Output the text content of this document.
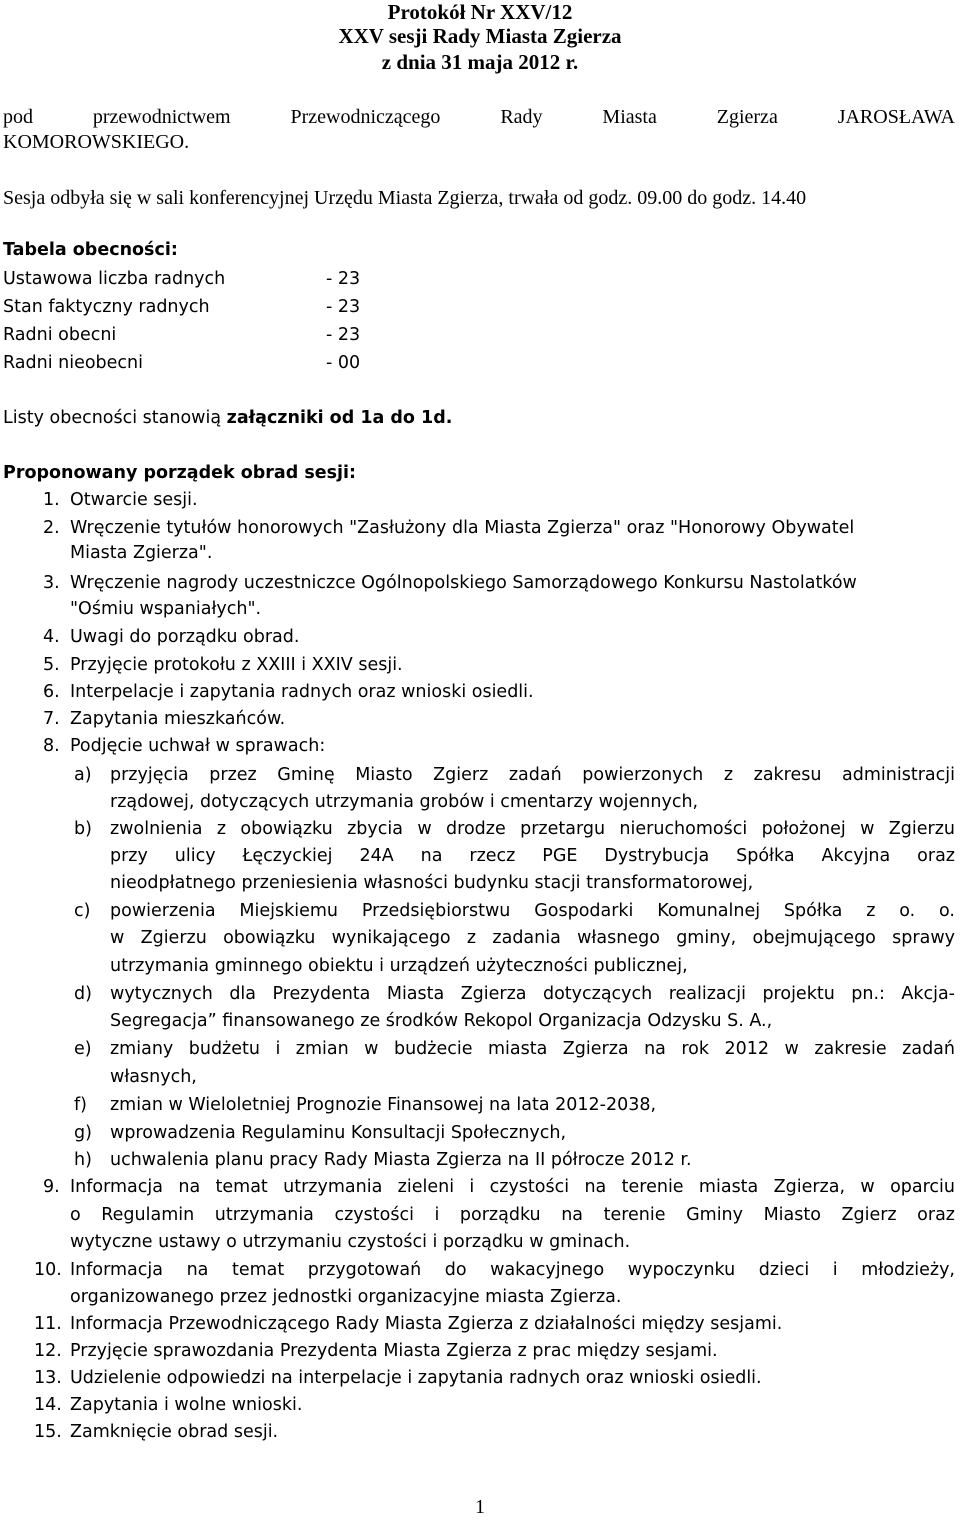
Protokół Nr XXV/12
XXV sesji Rady Miasta Zgierza
z dnia 31 maja 2012 r.
pod przewodnictwem Przewodniczącego Rady Miasta Zgierza JAROSŁAWA
KOMOROWSKIEGO.
Sesja odbyła się w sali konferencyjnej Urzędu Miasta Zgierza, trwała od godz. 09.00 do godz. 14.40
Tabela obecności:
Ustawowa liczba radnych	- 23
Stan faktyczny radnych	- 23
Radni obecni	- 23
Radni nieobecni	- 00
Listy obecności stanowią załączniki od 1a do 1d.
Proponowany porządek obrad sesji:
1. Otwarcie sesji.
2. Wręczenie tytułów honorowych "Zasłużony dla Miasta Zgierza" oraz "Honorowy Obywatel
Miasta Zgierza".
3. Wręczenie nagrody uczestniczce Ogólnopolskiego Samorządowego Konkursu Nastolatków
"Ośmiu wspaniałych".
4. Uwagi do porządku obrad.
5. Przyjęcie protokołu z XXIII i XXIV sesji.
6. Interpelacje i zapytania radnych oraz wnioski osiedli.
7. Zapytania mieszkańców.
8. Podjęcie uchwał w sprawach:
a) przyjęcia przez Gminę Miasto Zgierz zadań powierzonych z zakresu administracji
rządowej, dotyczących utrzymania grobów i cmentarzy wojennych,
b) zwolnienia z obowiązku zbycia w drodze przetargu nieruchomości położonej w Zgierzu
przy ulicy Łęczyckiej 24A na rzecz PGE Dystrybucja Spółka Akcyjna oraz
nieodpłatnego przeniesienia własności budynku stacji transformatorowej,
c) powierzenia Miejskiemu Przedsiębiorstwu Gospodarki Komunalnej Spółka z o. o.
w Zgierzu obowiązku wynikającego z zadania własnego gminy, obejmującego sprawy
utrzymania gminnego obiektu i urządzeń użyteczności publicznej,
d) wytycznych dla Prezydenta Miasta Zgierza dotyczących realizacji projektu pn.: Akcja-
Segregacja” finansowanego ze środków Rekopol Organizacja Odzysku S. A.,
e) zmiany budżetu i zmian w budżecie miasta Zgierza na rok 2012 w zakresie zadań
własnych,
f) zmian w Wieloletniej Prognozie Finansowej na lata 2012-2038,
g) wprowadzenia Regulaminu Konsultacji Społecznych,
h) uchwalenia planu pracy Rady Miasta Zgierza na II półrocze 2012 r.
9. Informacja na temat utrzymania zieleni i czystości na terenie miasta Zgierza, w oparciu
o Regulamin utrzymania czystości i porządku na terenie Gminy Miasto Zgierz oraz
wytyczne ustawy o utrzymaniu czystości i porządku w gminach.
10. Informacja na temat przygotowań do wakacyjnego wypoczynku dzieci i młodzieży,
organizowanego przez jednostki organizacyjne miasta Zgierza.
11. Informacja Przewodniczącego Rady Miasta Zgierza z działalności między sesjami.
12. Przyjęcie sprawozdania Prezydenta Miasta Zgierza z prac między sesjami.
13. Udzielenie odpowiedzi na interpelacje i zapytania radnych oraz wnioski osiedli.
14. Zapytania i wolne wnioski.
15. Zamknięcie obrad sesji.
1
